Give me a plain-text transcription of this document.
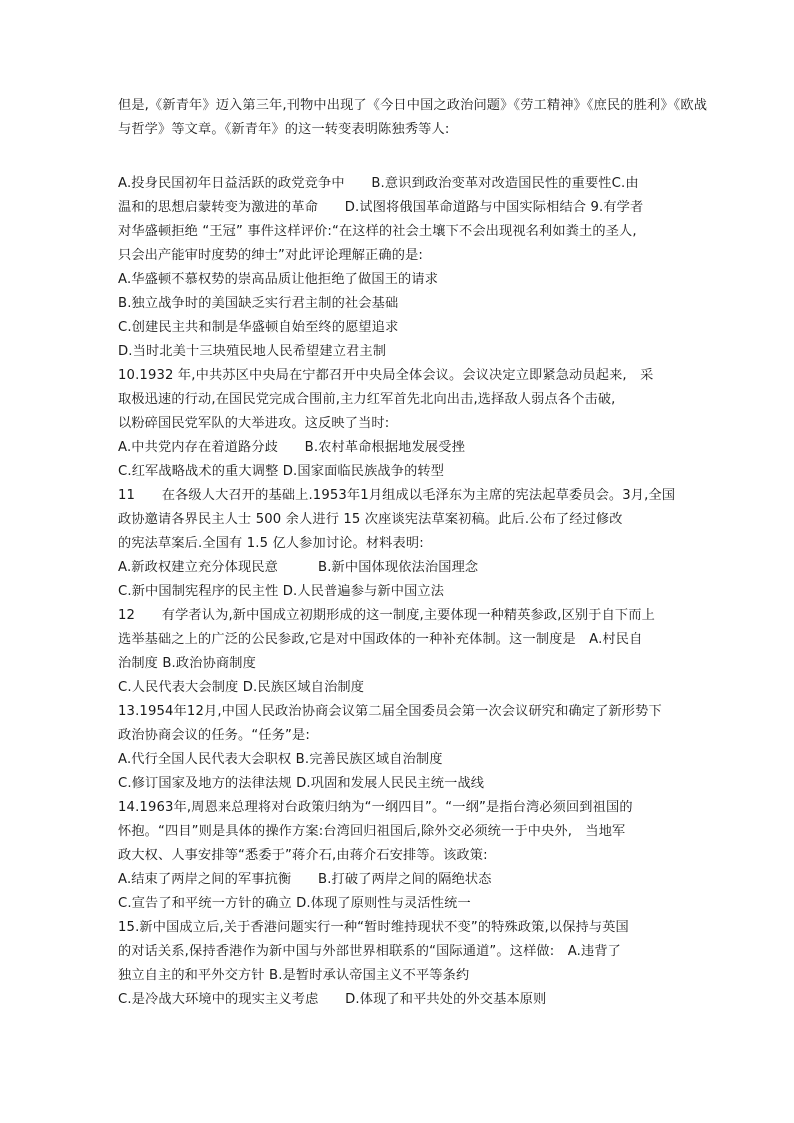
但是,《新青年》迈入第三年,刊物中出现了《今日中国之政治问题》《劳工精神》《庶民的胜利》《欧战
与哲学》等文章。《新青年》的这一转变表明陈独秀等人:
A.投身民国初年日益活跃的政党竞争中　　B.意识到政治变革对改造国民性的重要性C.由
温和的思想启蒙转变为激进的革命　　D.试图将俄国革命道路与中国实际相结合 9.有学者
对华盛顿拒绝 “王冠” 事件这样评价:“在这样的社会土壤下不会出现视名利如粪土的圣人,
只会出产能审时度势的绅士”对此评论理解正确的是:
A.华盛顿不慕权势的崇高品质让他拒绝了做国王的请求
B.独立战争时的美国缺乏实行君主制的社会基础
C.创建民主共和制是华盛顿自始至终的愿望追求
D.当时北美十三块殖民地人民希望建立君主制
10.1932 年,中共苏区中央局在宁都召开中央局全体会议。会议决定立即紧急动员起来,　采
取极迅速的行动,在国民党完成合围前,主力红军首先北向出击,选择敌人弱点各个击破,
以粉碎国民党军队的大举进攻。这反映了当时:
A.中共党内存在着道路分歧　　B.农村革命根据地发展受挫
C.红军战略战术的重大调整 D.国家面临民族战争的转型
11　　在各级人大召开的基础上.1953年1月组成以毛泽东为主席的宪法起草委员会。3月,全国
政协邀请各界民主人士 500 余人进行 15 次座谈宪法草案初稿。此后.公布了经过修改
的宪法草案后.全国有 1.5 亿人参加讨论。材料表明:
A.新政权建立充分体现民意　　　B.新中国体现依法治国理念
C.新中国制宪程序的民主性 D.人民普遍参与新中国立法
12　　有学者认为,新中国成立初期形成的这一制度,主要体现一种精英参政,区别于自下而上
选举基础之上的广泛的公民参政,它是对中国政体的一种补充体制。这一制度是　A.村民自
治制度 B.政治协商制度
C.人民代表大会制度 D.民族区域自治制度
13.1954年12月,中国人民政治协商会议第二届全国委员会第一次会议研究和确定了新形势下
政治协商会议的任务。“任务”是:
A.代行全国人民代表大会职权 B.完善民族区域自治制度
C.修订国家及地方的法律法规 D.巩固和发展人民民主统一战线
14.1963年,周恩来总理将对台政策归纳为“一纲四目”。“一纲”是指台湾必须回到祖国的
怀抱。“四目”则是具体的操作方案:台湾回归祖国后,除外交必须统一于中央外,　当地军
政大权、人事安排等“悉委于”蒋介石,由蒋介石安排等。该政策:
A.结束了两岸之间的军事抗衡　　B.打破了两岸之间的隔绝状态
C.宣告了和平统一方针的确立 D.体现了原则性与灵活性统一
15.新中国成立后,关于香港问题实行一种“暂时维持现状不变”的特殊政策,以保持与英国
的对话关系,保持香港作为新中国与外部世界相联系的“国际通道”。这样做:　A.违背了
独立自主的和平外交方针 B.是暂时承认帝国主义不平等条约
C.是冷战大环境中的现实主义考虑　　D.体现了和平共处的外交基本原则
